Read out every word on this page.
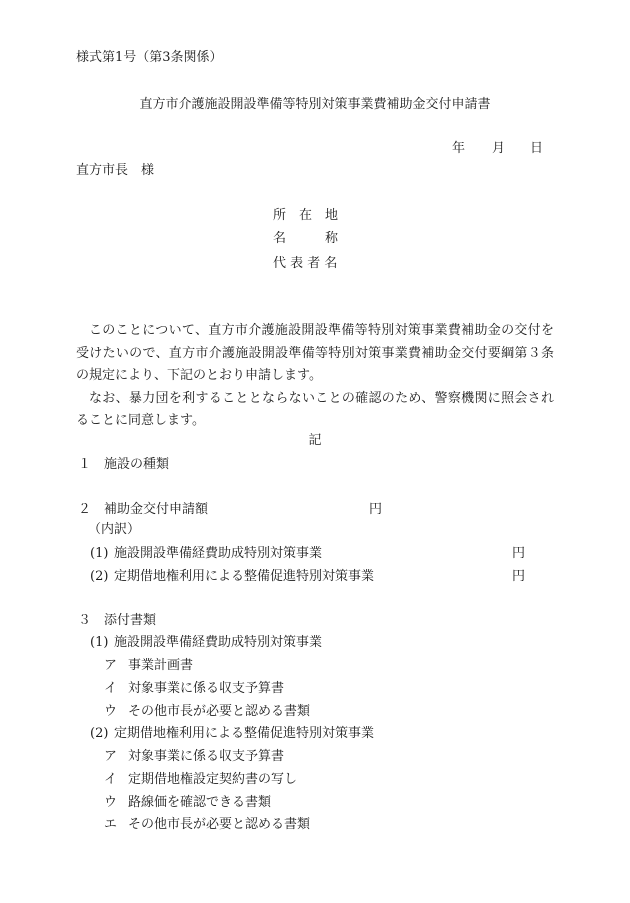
様式第1号（第3条関係）
直方市介護施設開設準備等特別対策事業費補助金交付申請書
年 月 日
直方市長　様
所　在　地
名　　　称
代 表 者 名

このことについて、直方市介護施設開設準備等特別対策事業費補助金の交付を受けたいので、直方市介護施設開設準備等特別対策事業費補助金交付要綱第３条の規定により、下記のとおり申請します。

なお、暴力団を利することとならないことの確認のため、警察機関に照会されることに同意します。

記
１ 施設の種類
２ 補助金交付申請額	円
（内訳）
(1) 施設開設準備経費助成特別対策事業	円
(2) 定期借地権利用による整備促進特別対策事業	円
３ 添付書類
(1) 施設開設準備経費助成特別対策事業
ア 事業計画書
イ 対象事業に係る収支予算書
ウ その他市長が必要と認める書類
(2) 定期借地権利用による整備促進特別対策事業
ア 対象事業に係る収支予算書
イ 定期借地権設定契約書の写し
ウ 路線価を確認できる書類
エ その他市長が必要と認める書類
